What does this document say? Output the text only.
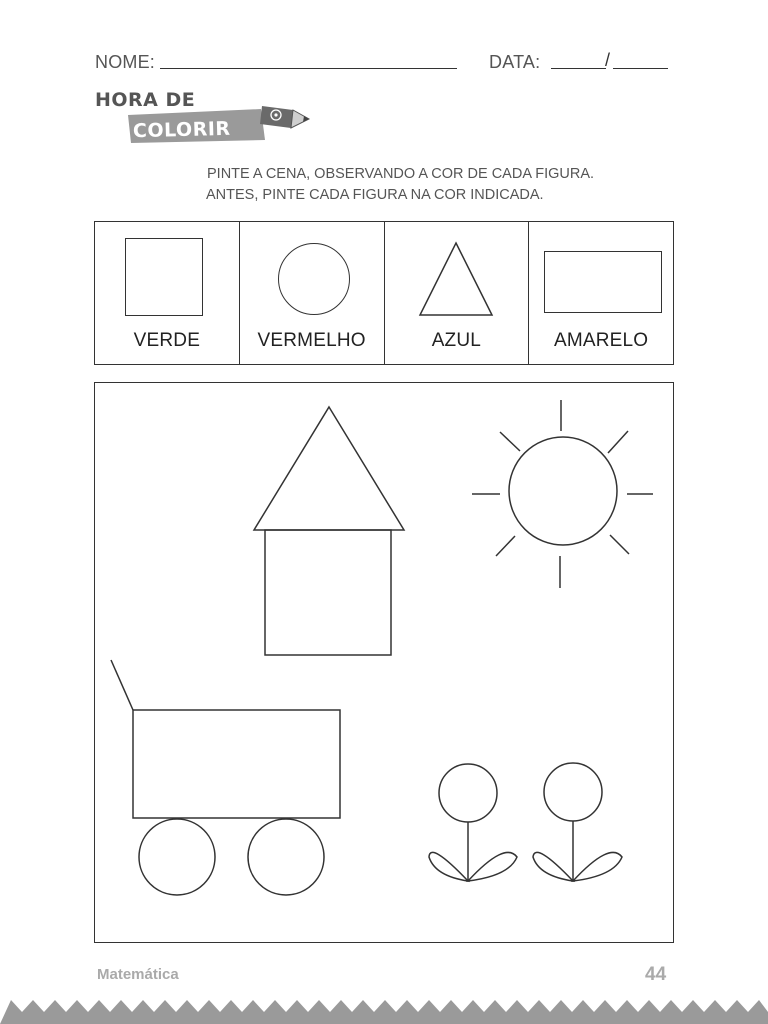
NOME:	DATA:	/
HORA DE
COLORIR
PINTE A CENA, OBSERVANDO A COR DE CADA FIGURA.
ANTES, PINTE CADA FIGURA NA COR INDICADA.
VERDE	VERMELHO	AZUL	AMARELO
Matemática	44
